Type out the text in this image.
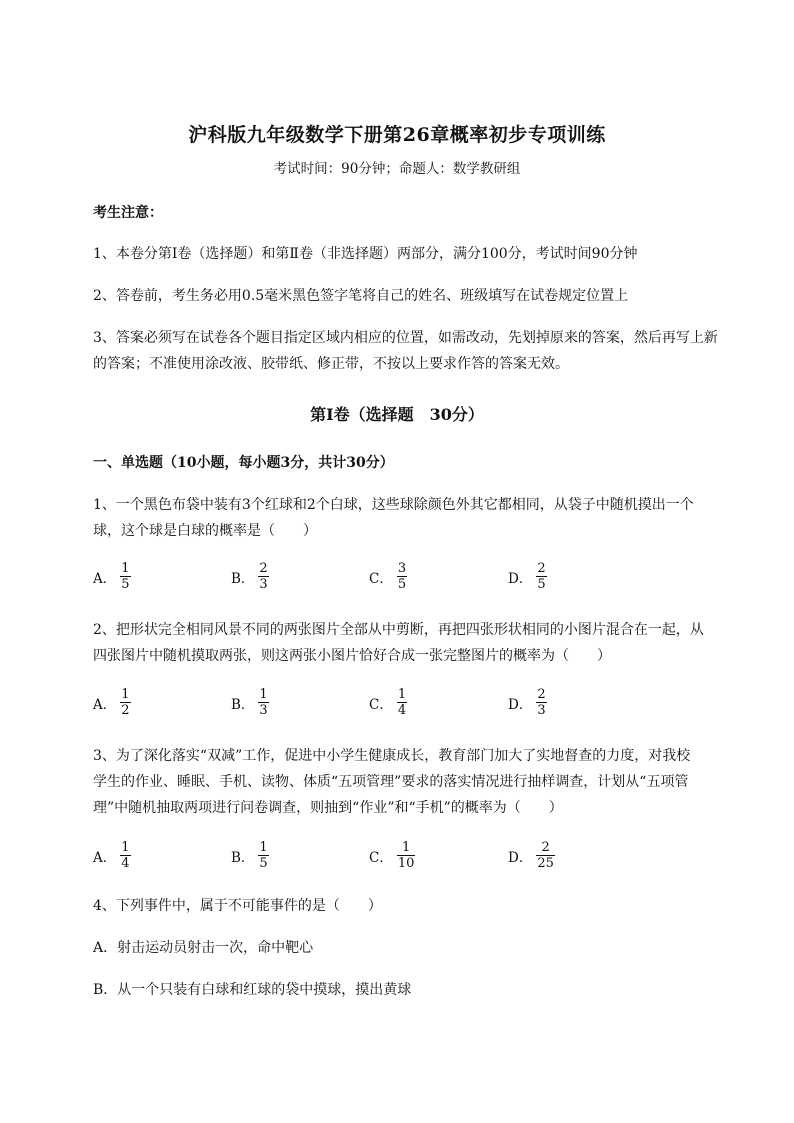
沪科版九年级数学下册第26章概率初步专项训练
考试时间：90分钟；命题人：数学教研组
考生注意：
1、本卷分第I卷（选择题）和第Ⅱ卷（非选择题）两部分，满分100分，考试时间90分钟
2、答卷前，考生务必用0.5毫米黑色签字笔将自己的姓名、班级填写在试卷规定位置上
3、答案必须写在试卷各个题目指定区域内相应的位置，如需改动，先划掉原来的答案，然后再写上新
的答案；不准使用涂改液、胶带纸、修正带，不按以上要求作答的答案无效。
第I卷（选择题　30分）
一、单选题（10小题，每小题3分，共计30分）
1、一个黑色布袋中装有3个红球和2个白球，这些球除颜色外其它都相同，从袋子中随机摸出一个
球，这个球是白球的概率是（　　）
A． $\frac{1}{5}$	B． $\frac{2}{3}$	C． $\frac{3}{5}$	D． $\frac{2}{5}$
2、把形状完全相同风景不同的两张图片全部从中剪断，再把四张形状相同的小图片混合在一起，从
四张图片中随机摸取两张，则这两张小图片恰好合成一张完整图片的概率为（　　）
A． $\frac{1}{2}$	B． $\frac{1}{3}$	C． $\frac{1}{4}$	D． $\frac{2}{3}$
3、为了深化落实“双减”工作，促进中小学生健康成长，教育部门加大了实地督查的力度，对我校
学生的作业、睡眠、手机、读物、体质“五项管理”要求的落实情况进行抽样调查，计划从“五项管
理”中随机抽取两项进行问卷调查，则抽到“作业”和“手机”的概率为（　　）
A． $\frac{1}{4}$	B． $\frac{1}{5}$	C． $\frac{1}{10}$	D． $\frac{2}{25}$
4、下列事件中，属于不可能事件的是（　　）
A．射击运动员射击一次，命中靶心
B．从一个只装有白球和红球的袋中摸球，摸出黄球
